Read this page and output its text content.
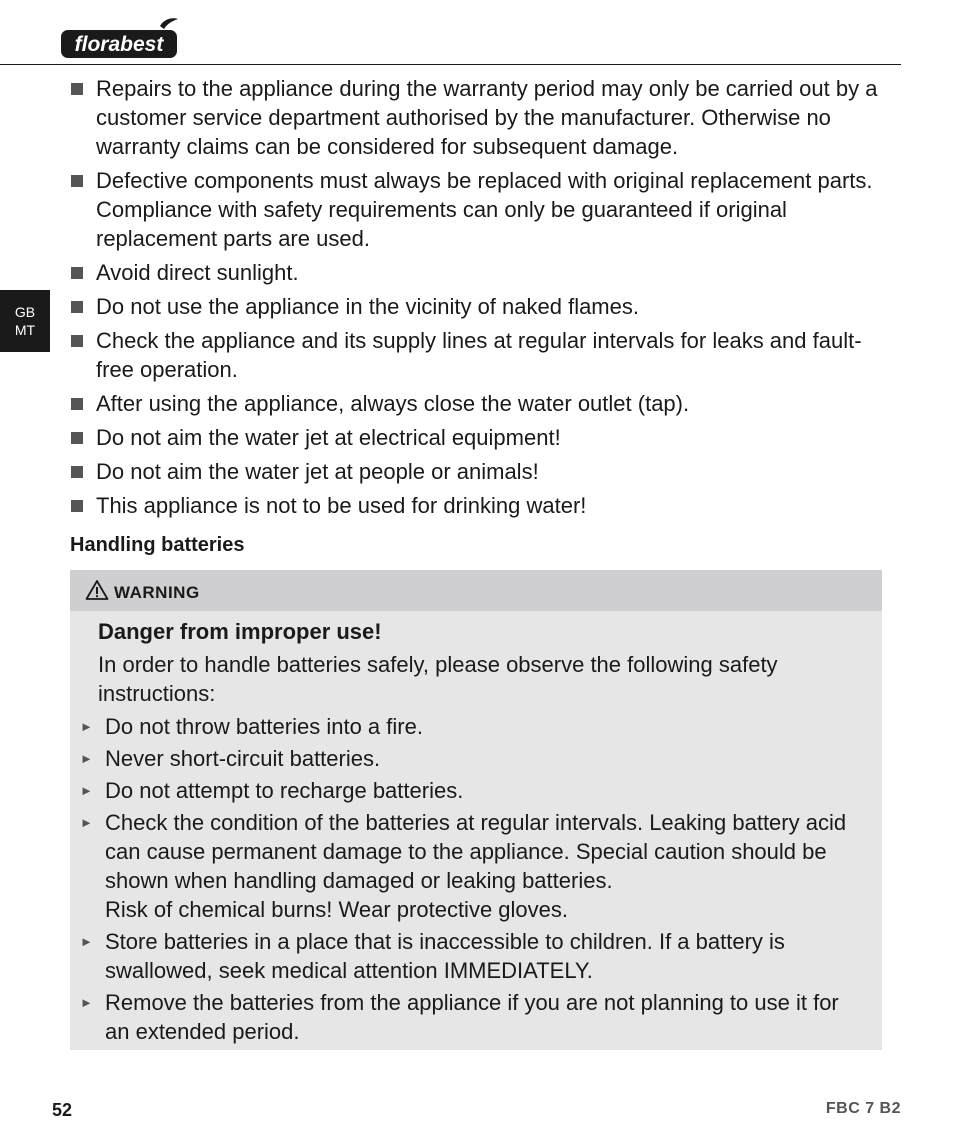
florabest
GB
MT
Repairs to the appliance during the warranty period may only be carried out by a customer service department authorised by the manufacturer. Otherwise no warranty claims can be considered for subsequent damage.
Defective components must always be replaced with original replacement parts. Compliance with safety requirements can only be guaranteed if original replacement parts are used.
Avoid direct sunlight.
Do not use the appliance in the vicinity of naked flames.
Check the appliance and its supply lines at regular intervals for leaks and fault-free operation.
After using the appliance, always close the water outlet (tap).
Do not aim the water jet at electrical equipment!
Do not aim the water jet at people or animals!
This appliance is not to be used for drinking water!
Handling batteries
WARNING

Danger from improper use!

In order to handle batteries safely, please observe the following safety instructions:

► Do not throw batteries into a fire.
► Never short-circuit batteries.
► Do not attempt to recharge batteries.
► Check the condition of the batteries at regular intervals. Leaking battery acid can cause permanent damage to the appliance. Special caution should be shown when handling damaged or leaking batteries.
Risk of chemical burns! Wear protective gloves.
► Store batteries in a place that is inaccessible to children. If a battery is swallowed, seek medical attention IMMEDIATELY.
► Remove the batteries from the appliance if you are not planning to use it for an extended period.
52	FBC 7 B2
